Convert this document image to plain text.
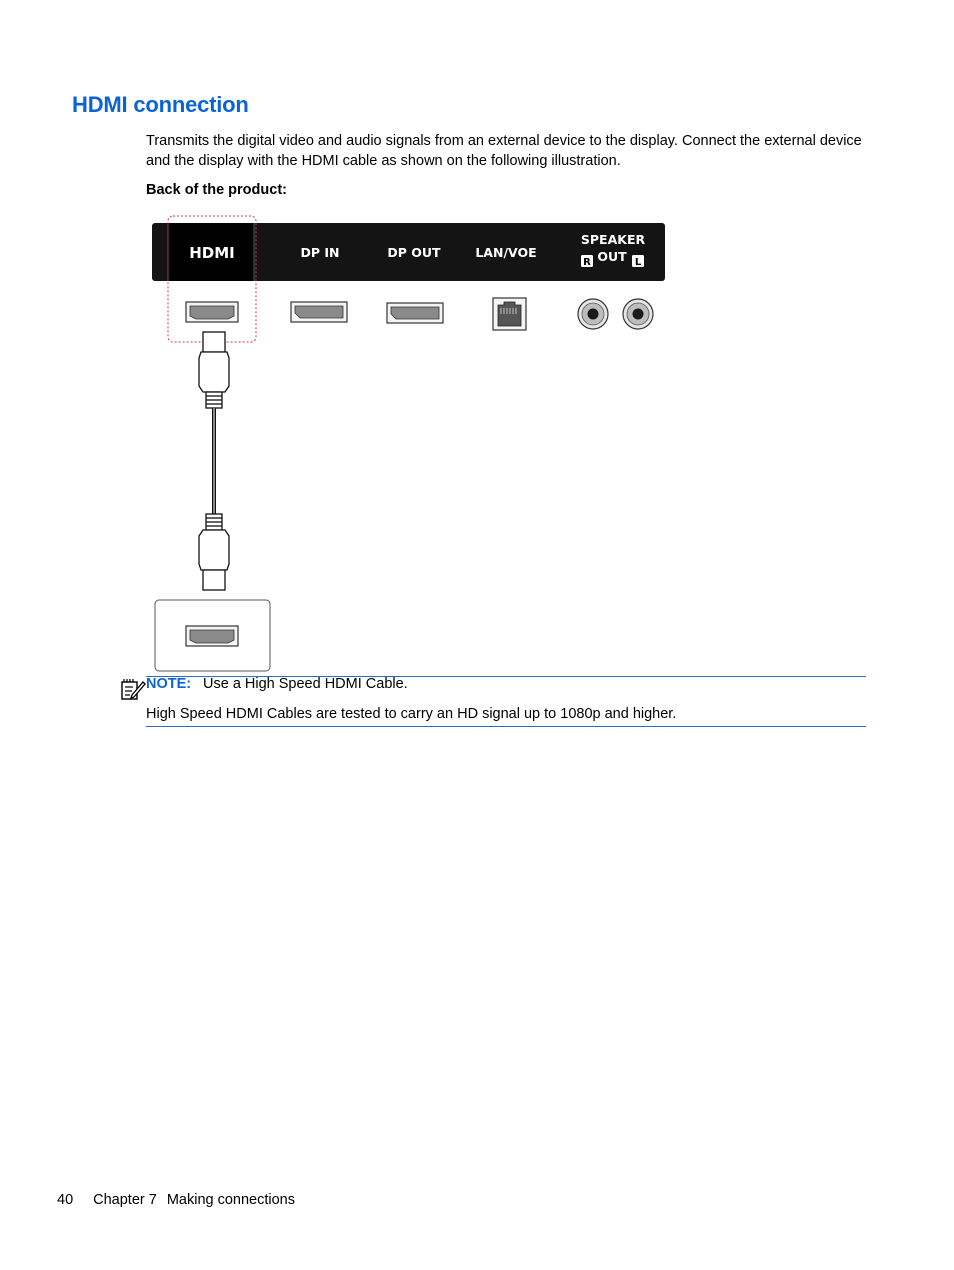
HDMI connection

Transmits the digital video and audio signals from an external device to the display. Connect the external device and the display with the HDMI cable as shown on the following illustration.

Back of the product:
HDMI	DP IN	DP OUT	LAN/VOE
SPEAKER
R OUT L
NOTE: Use a High Speed HDMI Cable.
High Speed HDMI Cables are tested to carry an HD signal up to 1080p and higher.
40 Chapter 7 Making connections
